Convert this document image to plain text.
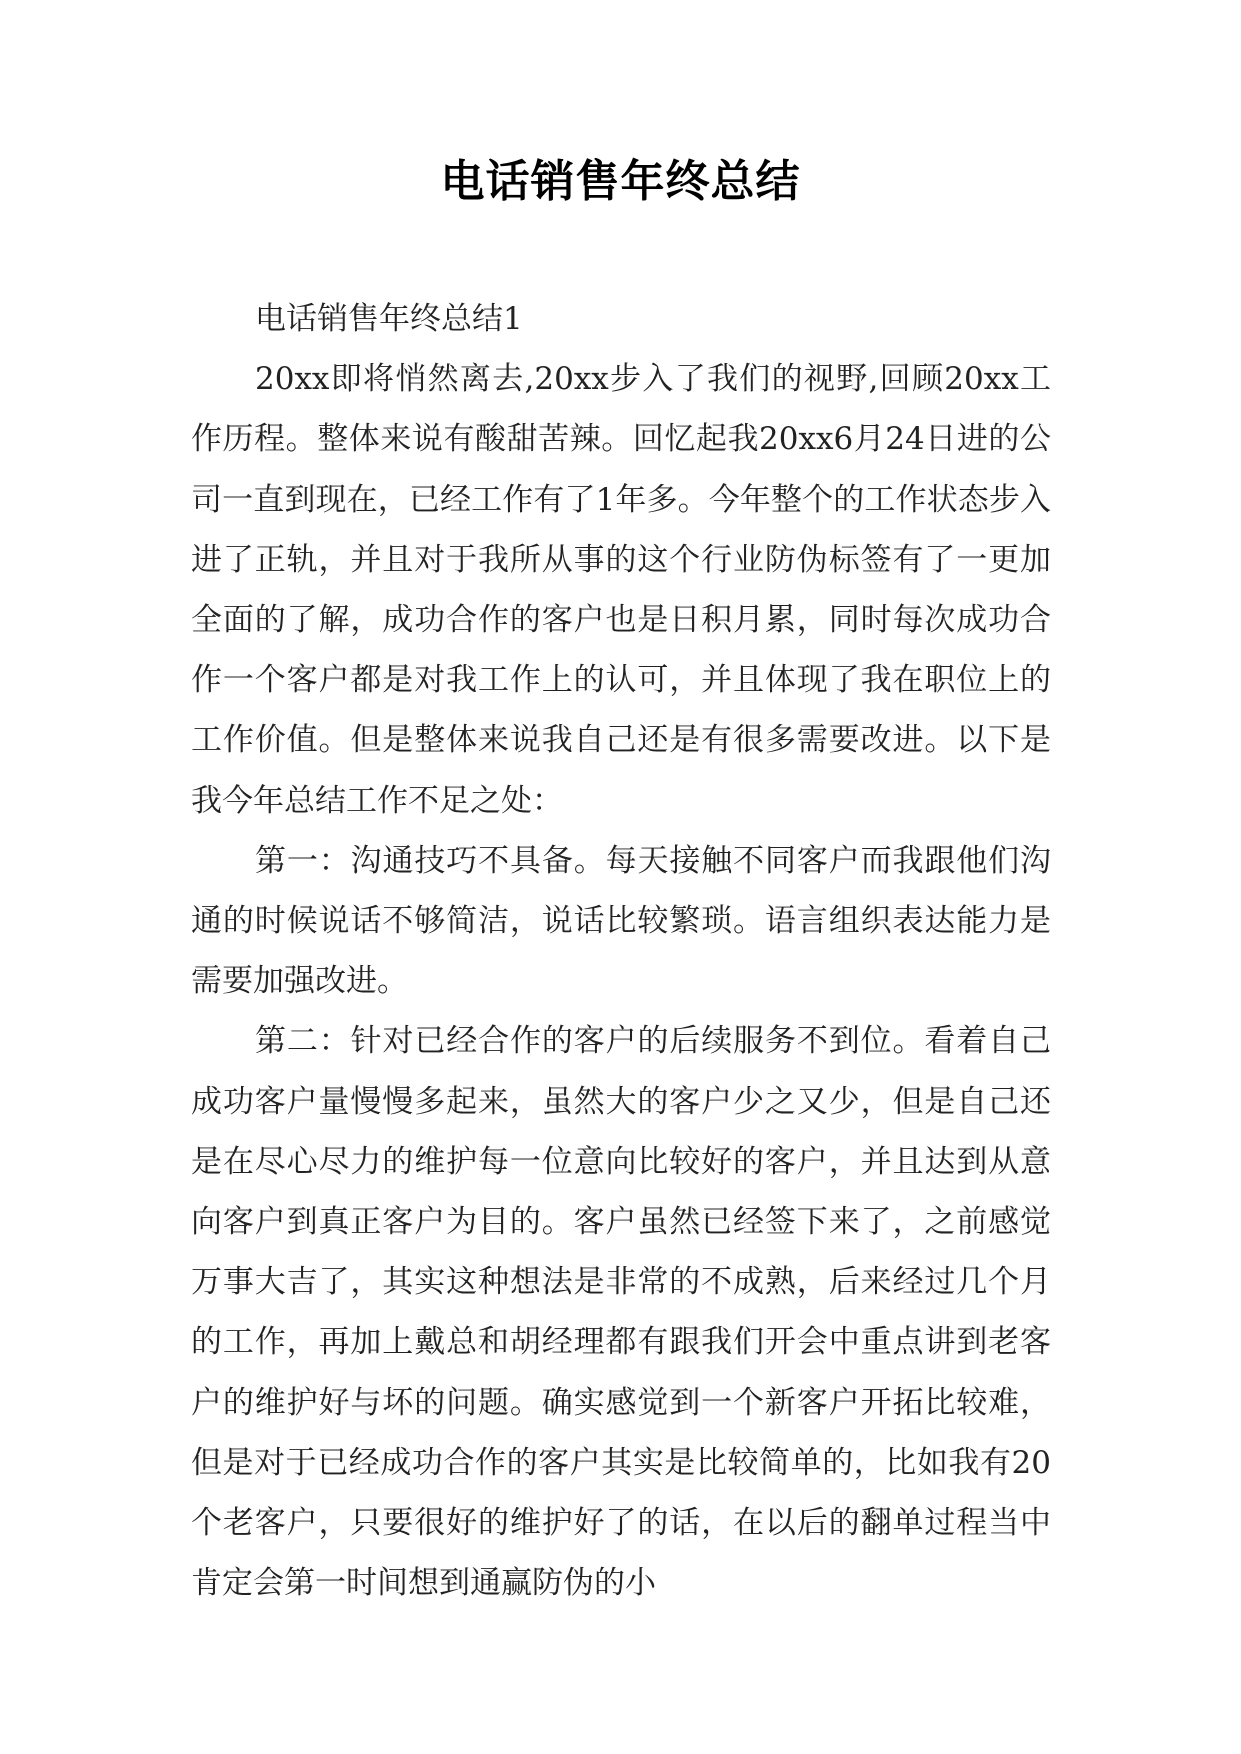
电话销售年终总结

电话销售年终总结1

20xx即将悄然离去,20xx步入了我们的视野,回顾20xx工作历程。整体来说有酸甜苦辣。回忆起我20xx6月24日进的公司一直到现在，已经工作有了1年多。今年整个的工作状态步入进了正轨，并且对于我所从事的这个行业防伪标签有了一更加全面的了解，成功合作的客户也是日积月累，同时每次成功合作一个客户都是对我工作上的认可，并且体现了我在职位上的工作价值。但是整体来说我自己还是有很多需要改进。以下是我今年总结工作不足之处：

第一：沟通技巧不具备。每天接触不同客户而我跟他们沟通的时候说话不够简洁，说话比较繁琐。语言组织表达能力是需要加强改进。

第二：针对已经合作的客户的后续服务不到位。看着自己成功客户量慢慢多起来，虽然大的客户少之又少，但是自己还是在尽心尽力的维护每一位意向比较好的客户，并且达到从意向客户到真正客户为目的。客户虽然已经签下来了，之前感觉万事大吉了，其实这种想法是非常的不成熟，后来经过几个月的工作，再加上戴总和胡经理都有跟我们开会中重点讲到老客户的维护好与坏的问题。确实感觉到一个新客户开拓比较难，但是对于已经成功合作的客户其实是比较简单的，比如我有20个老客户，只要很好的维护好了的话，在以后的翻单过程当中肯定会第一时间想到通赢防伪的小
